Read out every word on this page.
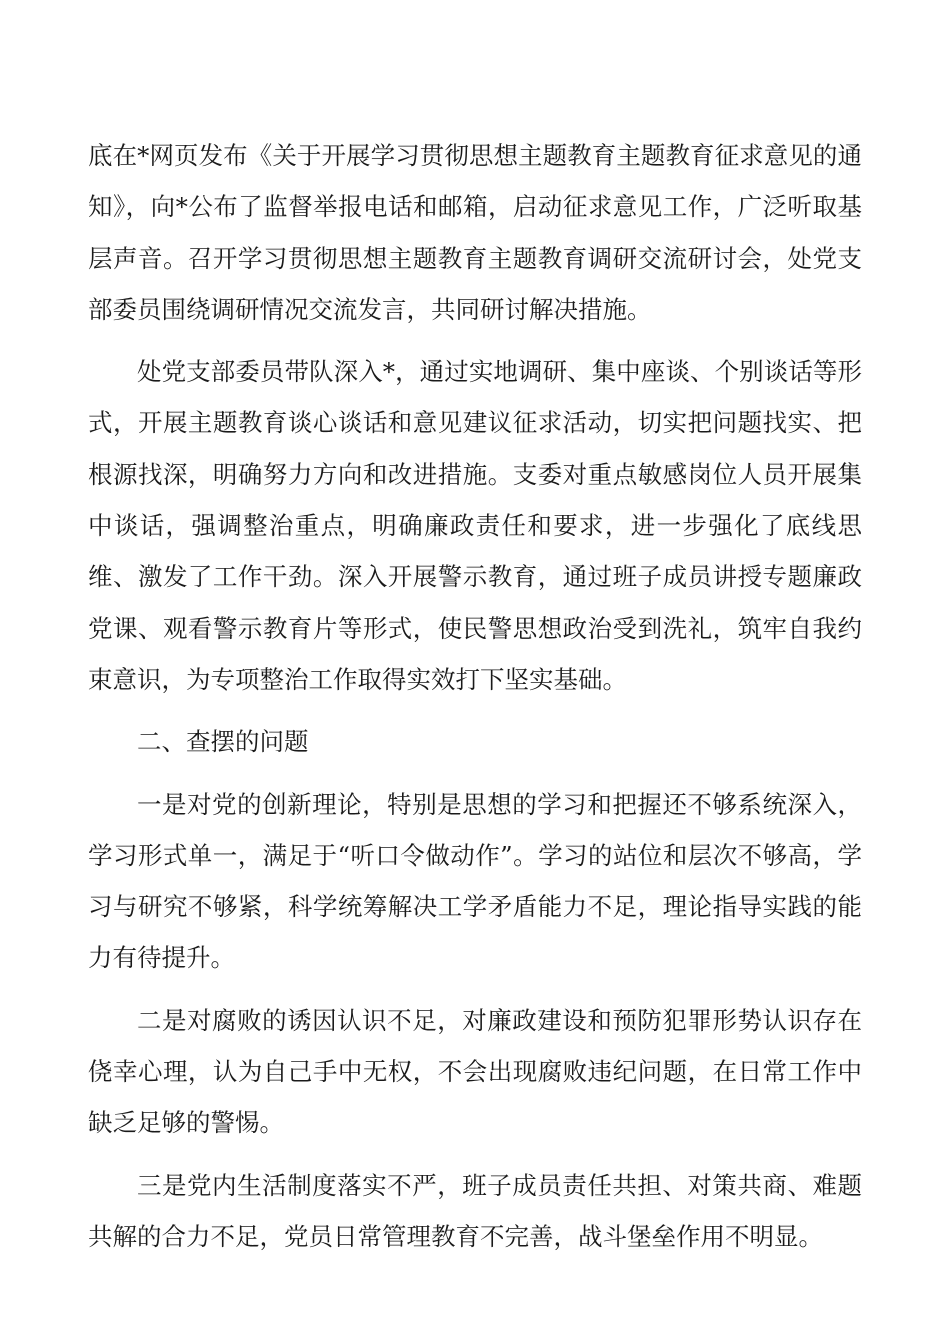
底在*网页发布《关于开展学习贯彻思想主题教育主题教育征求意见的通知》，向*公布了监督举报电话和邮箱，启动征求意见工作，广泛听取基层声音。召开学习贯彻思想主题教育主题教育调研交流研讨会，处党支部委员围绕调研情况交流发言，共同研讨解决措施。

处党支部委员带队深入*，通过实地调研、集中座谈、个别谈话等形式，开展主题教育谈心谈话和意见建议征求活动，切实把问题找实、把根源找深，明确努力方向和改进措施。支委对重点敏感岗位人员开展集中谈话，强调整治重点，明确廉政责任和要求，进一步强化了底线思维、激发了工作干劲。深入开展警示教育，通过班子成员讲授专题廉政党课、观看警示教育片等形式，使民警思想政治受到洗礼，筑牢自我约束意识，为专项整治工作取得实效打下坚实基础。

二、查摆的问题

一是对党的创新理论，特别是思想的学习和把握还不够系统深入，学习形式单一，满足于“听口令做动作”。学习的站位和层次不够高，学习与研究不够紧，科学统筹解决工学矛盾能力不足，理论指导实践的能力有待提升。

二是对腐败的诱因认识不足，对廉政建设和预防犯罪形势认识存在侥幸心理，认为自己手中无权，不会出现腐败违纪问题，在日常工作中缺乏足够的警惕。

三是党内生活制度落实不严，班子成员责任共担、对策共商、难题共解的合力不足，党员日常管理教育不完善，战斗堡垒作用不明显。
